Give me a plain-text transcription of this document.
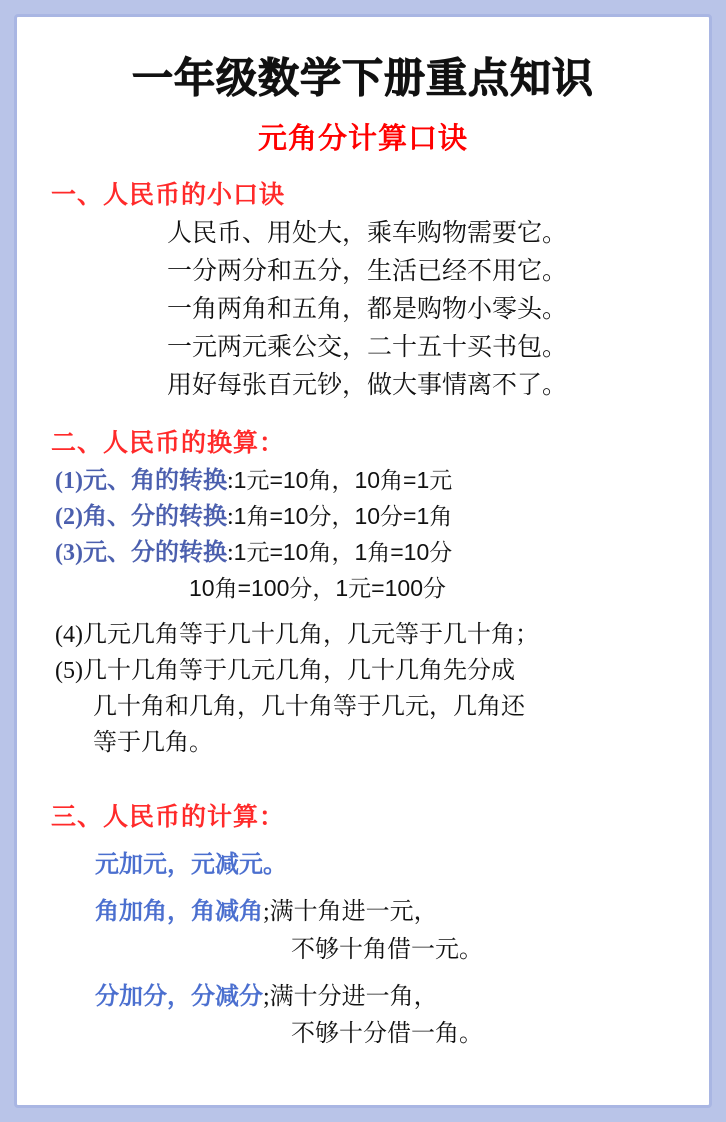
一年级数学下册重点知识
元角分计算口诀
一、人民币的小口诀
人民币、用处大，乘车购物需要它。
一分两分和五分，生活已经不用它。
一角两角和五角，都是购物小零头。
一元两元乘公交，二十五十买书包。
用好每张百元钞，做大事情离不了。
二、人民币的换算：
(1)元、角的转换:1元=10角，10角=1元
(2)角、分的转换:1角=10分，10分=1角
(3)元、分的转换:1元=10角，1角=10分
10角=100分，1元=100分
(4)几元几角等于几十几角，几元等于几十角；
(5)几十几角等于几元几角，几十几角先分成
几十角和几角，几十角等于几元，几角还
等于几角。
三、人民币的计算：
元加元，元减元。
角加角，角减角;满十角进一元，
不够十角借一元。
分加分，分减分;满十分进一角，
不够十分借一角。
